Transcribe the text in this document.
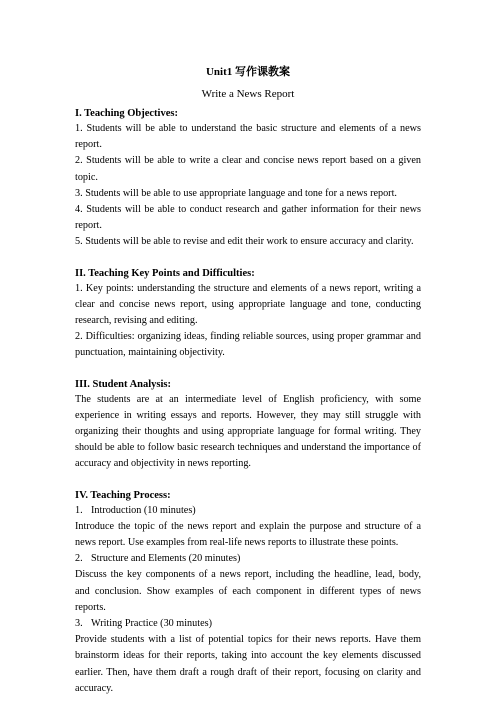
Unit1 写作课教案
Write a News Report
I. Teaching Objectives:

1. Students will be able to understand the basic structure and elements of a news report.

2. Students will be able to write a clear and concise news report based on a given topic.

3. Students will be able to use appropriate language and tone for a news report.

4. Students will be able to conduct research and gather information for their news report.

5. Students will be able to revise and edit their work to ensure accuracy and clarity.

II. Teaching Key Points and Difficulties:

1. Key points: understanding the structure and elements of a news report, writing a clear and concise news report, using appropriate language and tone, conducting research, revising and editing.

2. Difficulties: organizing ideas, finding reliable sources, using proper grammar and punctuation, maintaining objectivity.

III. Student Analysis:

The students are at an intermediate level of English proficiency, with some experience in writing essays and reports. However, they may still struggle with organizing their thoughts and using appropriate language for formal writing. They should be able to follow basic research techniques and understand the importance of accuracy and objectivity in news reporting.

IV. Teaching Process:
1. Introduction (10 minutes)

Introduce the topic of the news report and explain the purpose and structure of a news report. Use examples from real-life news reports to illustrate these points.

2. Structure and Elements (20 minutes)

Discuss the key components of a news report, including the headline, lead, body, and conclusion. Show examples of each component in different types of news reports.

3. Writing Practice (30 minutes)

Provide students with a list of potential topics for their news reports. Have them brainstorm ideas for their reports, taking into account the key elements discussed earlier. Then, have them draft a rough draft of their report, focusing on clarity and accuracy.
